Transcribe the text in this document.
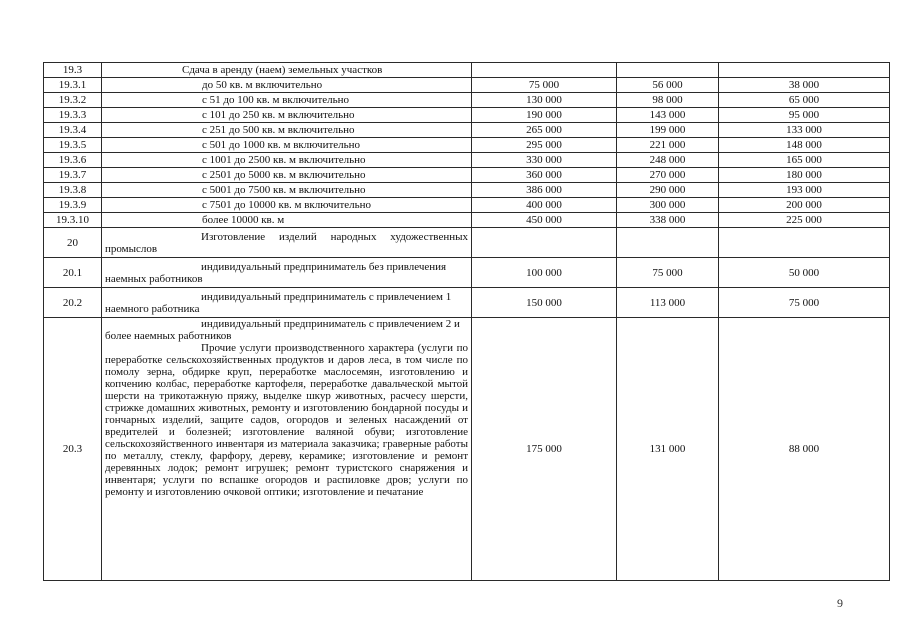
19.3	Сдача в аренду (наем) земельных участков			
19.3.1	до 50 кв. м включительно	75 000	56 000	38 000
19.3.2	с 51 до 100 кв. м включительно	130 000	98 000	65 000
19.3.3	с 101 до 250 кв. м включительно	190 000	143 000	95 000
19.3.4	с 251 до 500 кв. м включительно	265 000	199 000	133 000
19.3.5	с 501 до 1000 кв. м включительно	295 000	221 000	148 000
19.3.6	с 1001 до 2500 кв. м включительно	330 000	248 000	165 000
19.3.7	с 2501 до 5000 кв. м включительно	360 000	270 000	180 000
19.3.8	с 5001 до 7500 кв. м включительно	386 000	290 000	193 000
19.3.9	с 7501 до 10000 кв. м включительно	400 000	300 000	200 000
19.3.10	более 10000 кв. м	450 000	338 000	225 000
20	Изготовление изделий народных художественных промыслов			
20.1	индивидуальный предприниматель без привлечения наемных работников	100 000	75 000	50 000
20.2	индивидуальный предприниматель с привлечением 1 наемного работника	150 000	113 000	75 000
20.3	индивидуальный предприниматель с привлечением 2 и более наемных работников
Прочие услуги производственного характера (услуги по переработке сельскохозяйственных продуктов и даров леса, в том числе по помолу зерна, обдирке круп, переработке маслосемян, изготовлению и копчению колбас, переработке картофеля, переработке давальческой мытой шерсти на трикотажную пряжу, выделке шкур животных, расчесу шерсти, стрижке домашних животных, ремонту и изготовлению бондарной посуды и гончарных изделий, защите садов, огородов и зеленых насаждений от вредителей и болезней; изготовление валяной обуви; изготовление сельскохозяйственного инвентаря из материала заказчика; граверные работы по металлу, стеклу, фарфору, дереву, керамике; изготовление и ремонт деревянных лодок; ремонт игрушек; ремонт туристского снаряжения и инвентаря; услуги по вспашке огородов и распиловке дров; услуги по ремонту и изготовлению очковой оптики; изготовление и печатание	175 000	131 000	88 000
9
